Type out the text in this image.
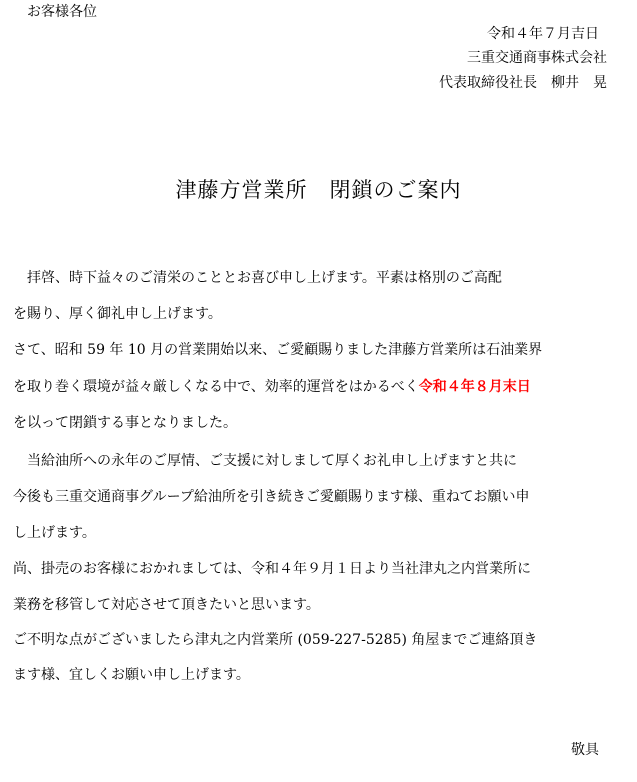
お客様各位
令和４年７月吉日
三重交通商事株式会社
代表取締役社長　柳井　晃
津藤方営業所　閉鎖のご案内
　拝啓、時下益々のご清栄のこととお喜び申し上げます。平素は格別のご高配
を賜り、厚く御礼申し上げます。
さて、昭和 59 年 10 月の営業開始以来、ご愛顧賜りました津藤方営業所は石油業界
を取り巻く環境が益々厳しくなる中で、効率的運営をはかるべく令和４年８月末日
を以って閉鎖する事となりました。
　当給油所への永年のご厚情、ご支援に対しまして厚くお礼申し上げますと共に
今後も三重交通商事グループ給油所を引き続きご愛顧賜ります様、重ねてお願い申
し上げます。
尚、掛売のお客様におかれましては、令和４年９月１日より当社津丸之内営業所に
業務を移管して対応させて頂きたいと思います。
ご不明な点がございましたら津丸之内営業所 (059-227-5285) 角屋までご連絡頂き
ます様、宜しくお願い申し上げます。
敬具
